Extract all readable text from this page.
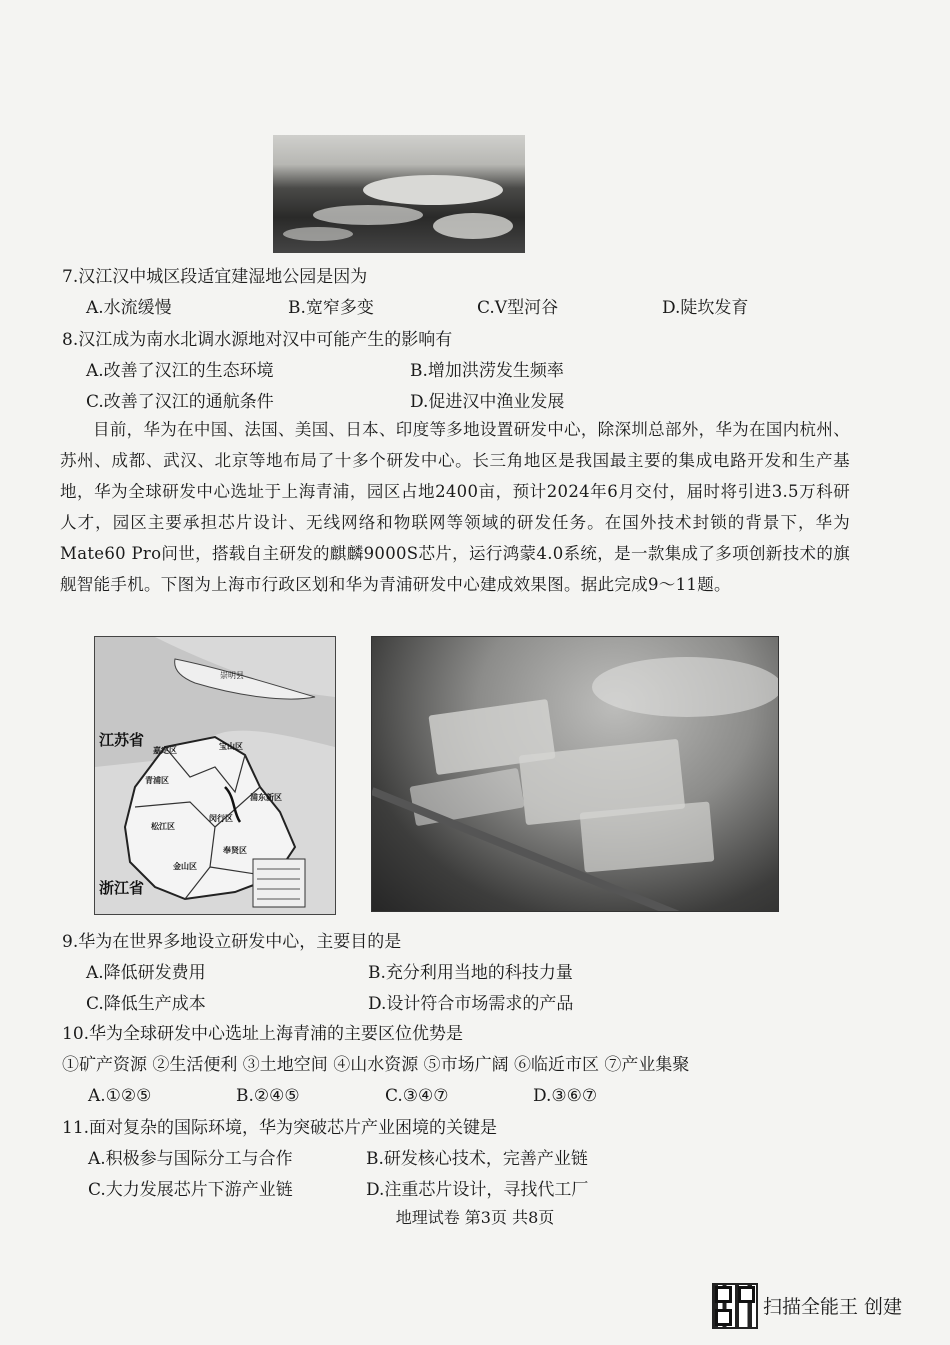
7.汉江汉中城区段适宜建湿地公园是因为
A.水流缓慢	B.宽窄多变	C.V型河谷	D.陡坎发育
8.汉江成为南水北调水源地对汉中可能产生的影响有
A.改善了汉江的生态环境	B.增加洪涝发生频率
C.改善了汉江的通航条件	D.促进汉中渔业发展
目前，华为在中国、法国、美国、日本、印度等多地设置研发中心，除深圳总部外，华为在国内杭州、苏州、成都、武汉、北京等地布局了十多个研发中心。长三角地区是我国最主要的集成电路开发和生产基地，华为全球研发中心选址于上海青浦，园区占地2400亩，预计2024年6月交付，届时将引进3.5万科研人才，园区主要承担芯片设计、无线网络和物联网等领域的研发任务。在国外技术封锁的背景下，华为Mate60 Pro问世，搭载自主研发的麒麟9000S芯片，运行鸿蒙4.0系统，是一款集成了多项创新技术的旗舰智能手机。下图为上海市行政区划和华为青浦研发中心建成效果图。据此完成9～11题。
江苏省
浙江省
崇明县
宝山区
嘉定区
青浦区
浦东新区
松江区
闵行区
金山区
奉贤区
9.华为在世界多地设立研发中心，主要目的是
A.降低研发费用	B.充分利用当地的科技力量
C.降低生产成本	D.设计符合市场需求的产品
10.华为全球研发中心选址上海青浦的主要区位优势是
①矿产资源 ②生活便利 ③土地空间 ④山水资源 ⑤市场广阔 ⑥临近市区 ⑦产业集聚
A.①②⑤	B.②④⑤	C.③④⑦	D.③⑥⑦
11.面对复杂的国际环境，华为突破芯片产业困境的关键是
A.积极参与国际分工与合作	B.研发核心技术，完善产业链
C.大力发展芯片下游产业链	D.注重芯片设计，寻找代工厂
地理试卷 第3页 共8页
扫描全能王 创建
